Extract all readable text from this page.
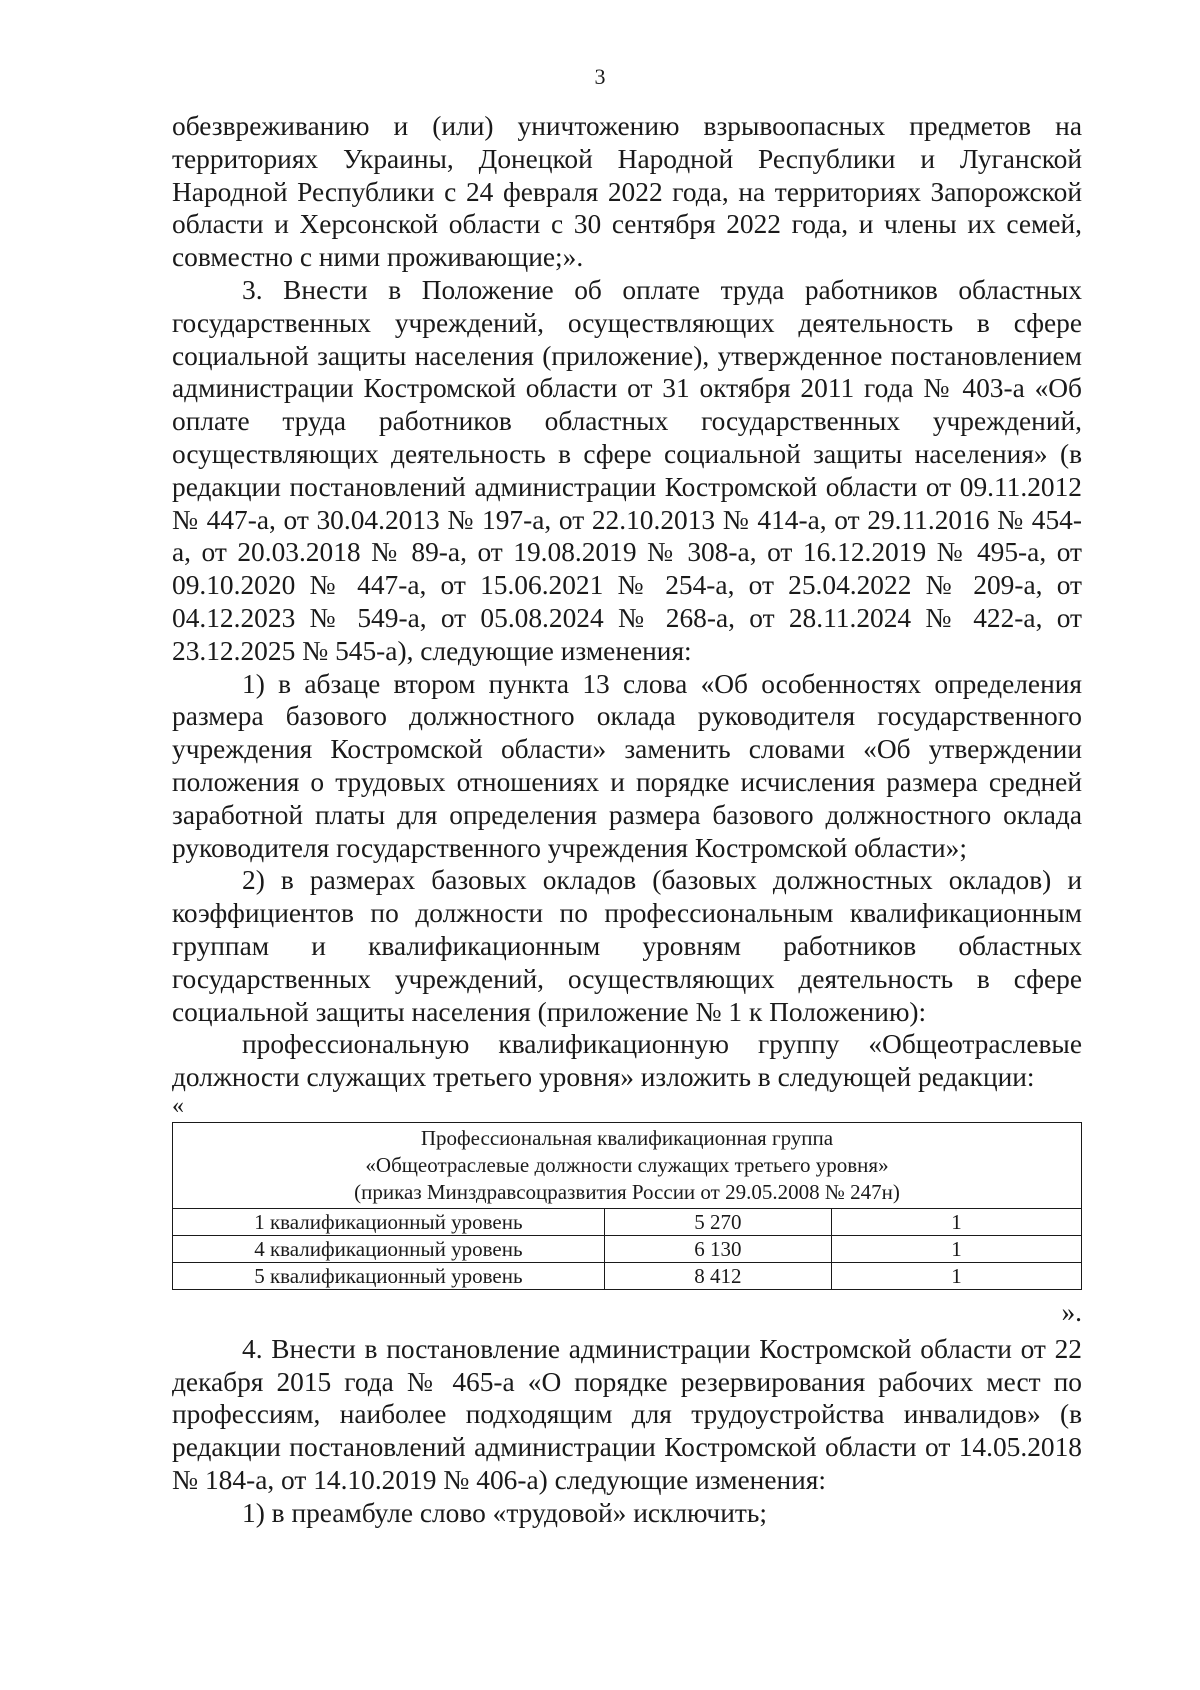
3

обезвреживанию и (или) уничтожению взрывоопасных предметов на территориях Украины, Донецкой Народной Республики и Луганской Народной Республики с 24 февраля 2022 года, на территориях Запорожской области и Херсонской области с 30 сентября 2022 года, и члены их семей, совместно с ними проживающие;».

3. Внести в Положение об оплате труда работников областных государственных учреждений, осуществляющих деятельность в сфере социальной защиты населения (приложение), утвержденное постановлением администрации Костромской области от 31 октября 2011 года № 403-а «Об оплате труда работников областных государственных учреждений, осуществляющих деятельность в сфере социальной защиты населения» (в редакции постановлений администрации Костромской области от 09.11.2012 № 447-а, от 30.04.2013 № 197-а, от 22.10.2013 № 414-а, от 29.11.2016 № 454-а, от 20.03.2018 № 89-а, от 19.08.2019 № 308-а, от 16.12.2019 № 495-а, от 09.10.2020 № 447-а, от 15.06.2021 № 254-а, от 25.04.2022 № 209-а, от 04.12.2023 № 549-а, от 05.08.2024 № 268-а, от 28.11.2024 № 422-а, от 23.12.2025 № 545-а), следующие изменения:

1) в абзаце втором пункта 13 слова «Об особенностях определения размера базового должностного оклада руководителя государственного учреждения Костромской области» заменить словами «Об утверждении положения о трудовых отношениях и порядке исчисления размера средней заработной платы для определения размера базового должностного оклада руководителя государственного учреждения Костромской области»;

2) в размерах базовых окладов (базовых должностных окладов) и коэффициентов по должности по профессиональным квалификационным группам и квалификационным уровням работников областных государственных учреждений, осуществляющих деятельность в сфере социальной защиты населения (приложение № 1 к Положению):

профессиональную квалификационную группу «Общеотраслевые должности служащих третьего уровня» изложить в следующей редакции:

«

Профессиональная квалификационная группа
«Общеотраслевые должности служащих третьего уровня»
(приказ Минздравсоцразвития России от 29.05.2008 № 247н)		

1 квалификационный уровень	5 270	1
4 квалификационный уровень	6 130	1
5 квалификационный уровень	8 412	1

».

4. Внести в постановление администрации Костромской области от 22 декабря 2015 года № 465-а «О порядке резервирования рабочих мест по профессиям, наиболее подходящим для трудоустройства инвалидов» (в редакции постановлений администрации Костромской области от 14.05.2018 № 184-а, от 14.10.2019 № 406-а) следующие изменения:

1) в преамбуле слово «трудовой» исключить;
